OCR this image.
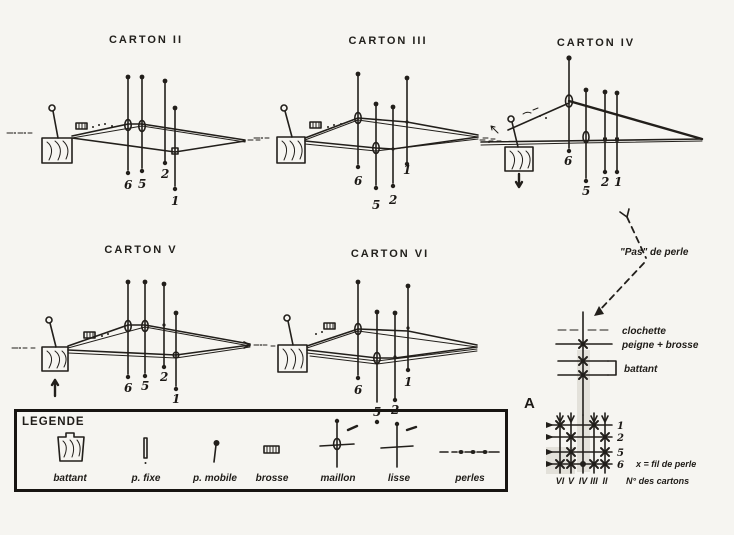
CARTON II	CARTON III	CARTON IV
CARTON V	CARTON VI
6 5
2
1
6
5 2
1
6
5
2 1
6 5
2
1
6
5 2
1
"Pas" de perle
clochette
peigne + brosse
battant
A
1
2
5
6
VI V IV III II
x = fil de perle
N° des cartons
LEGENDE
battant	p. fixe	p. mobile	brosse	maillon	lisse	perles
